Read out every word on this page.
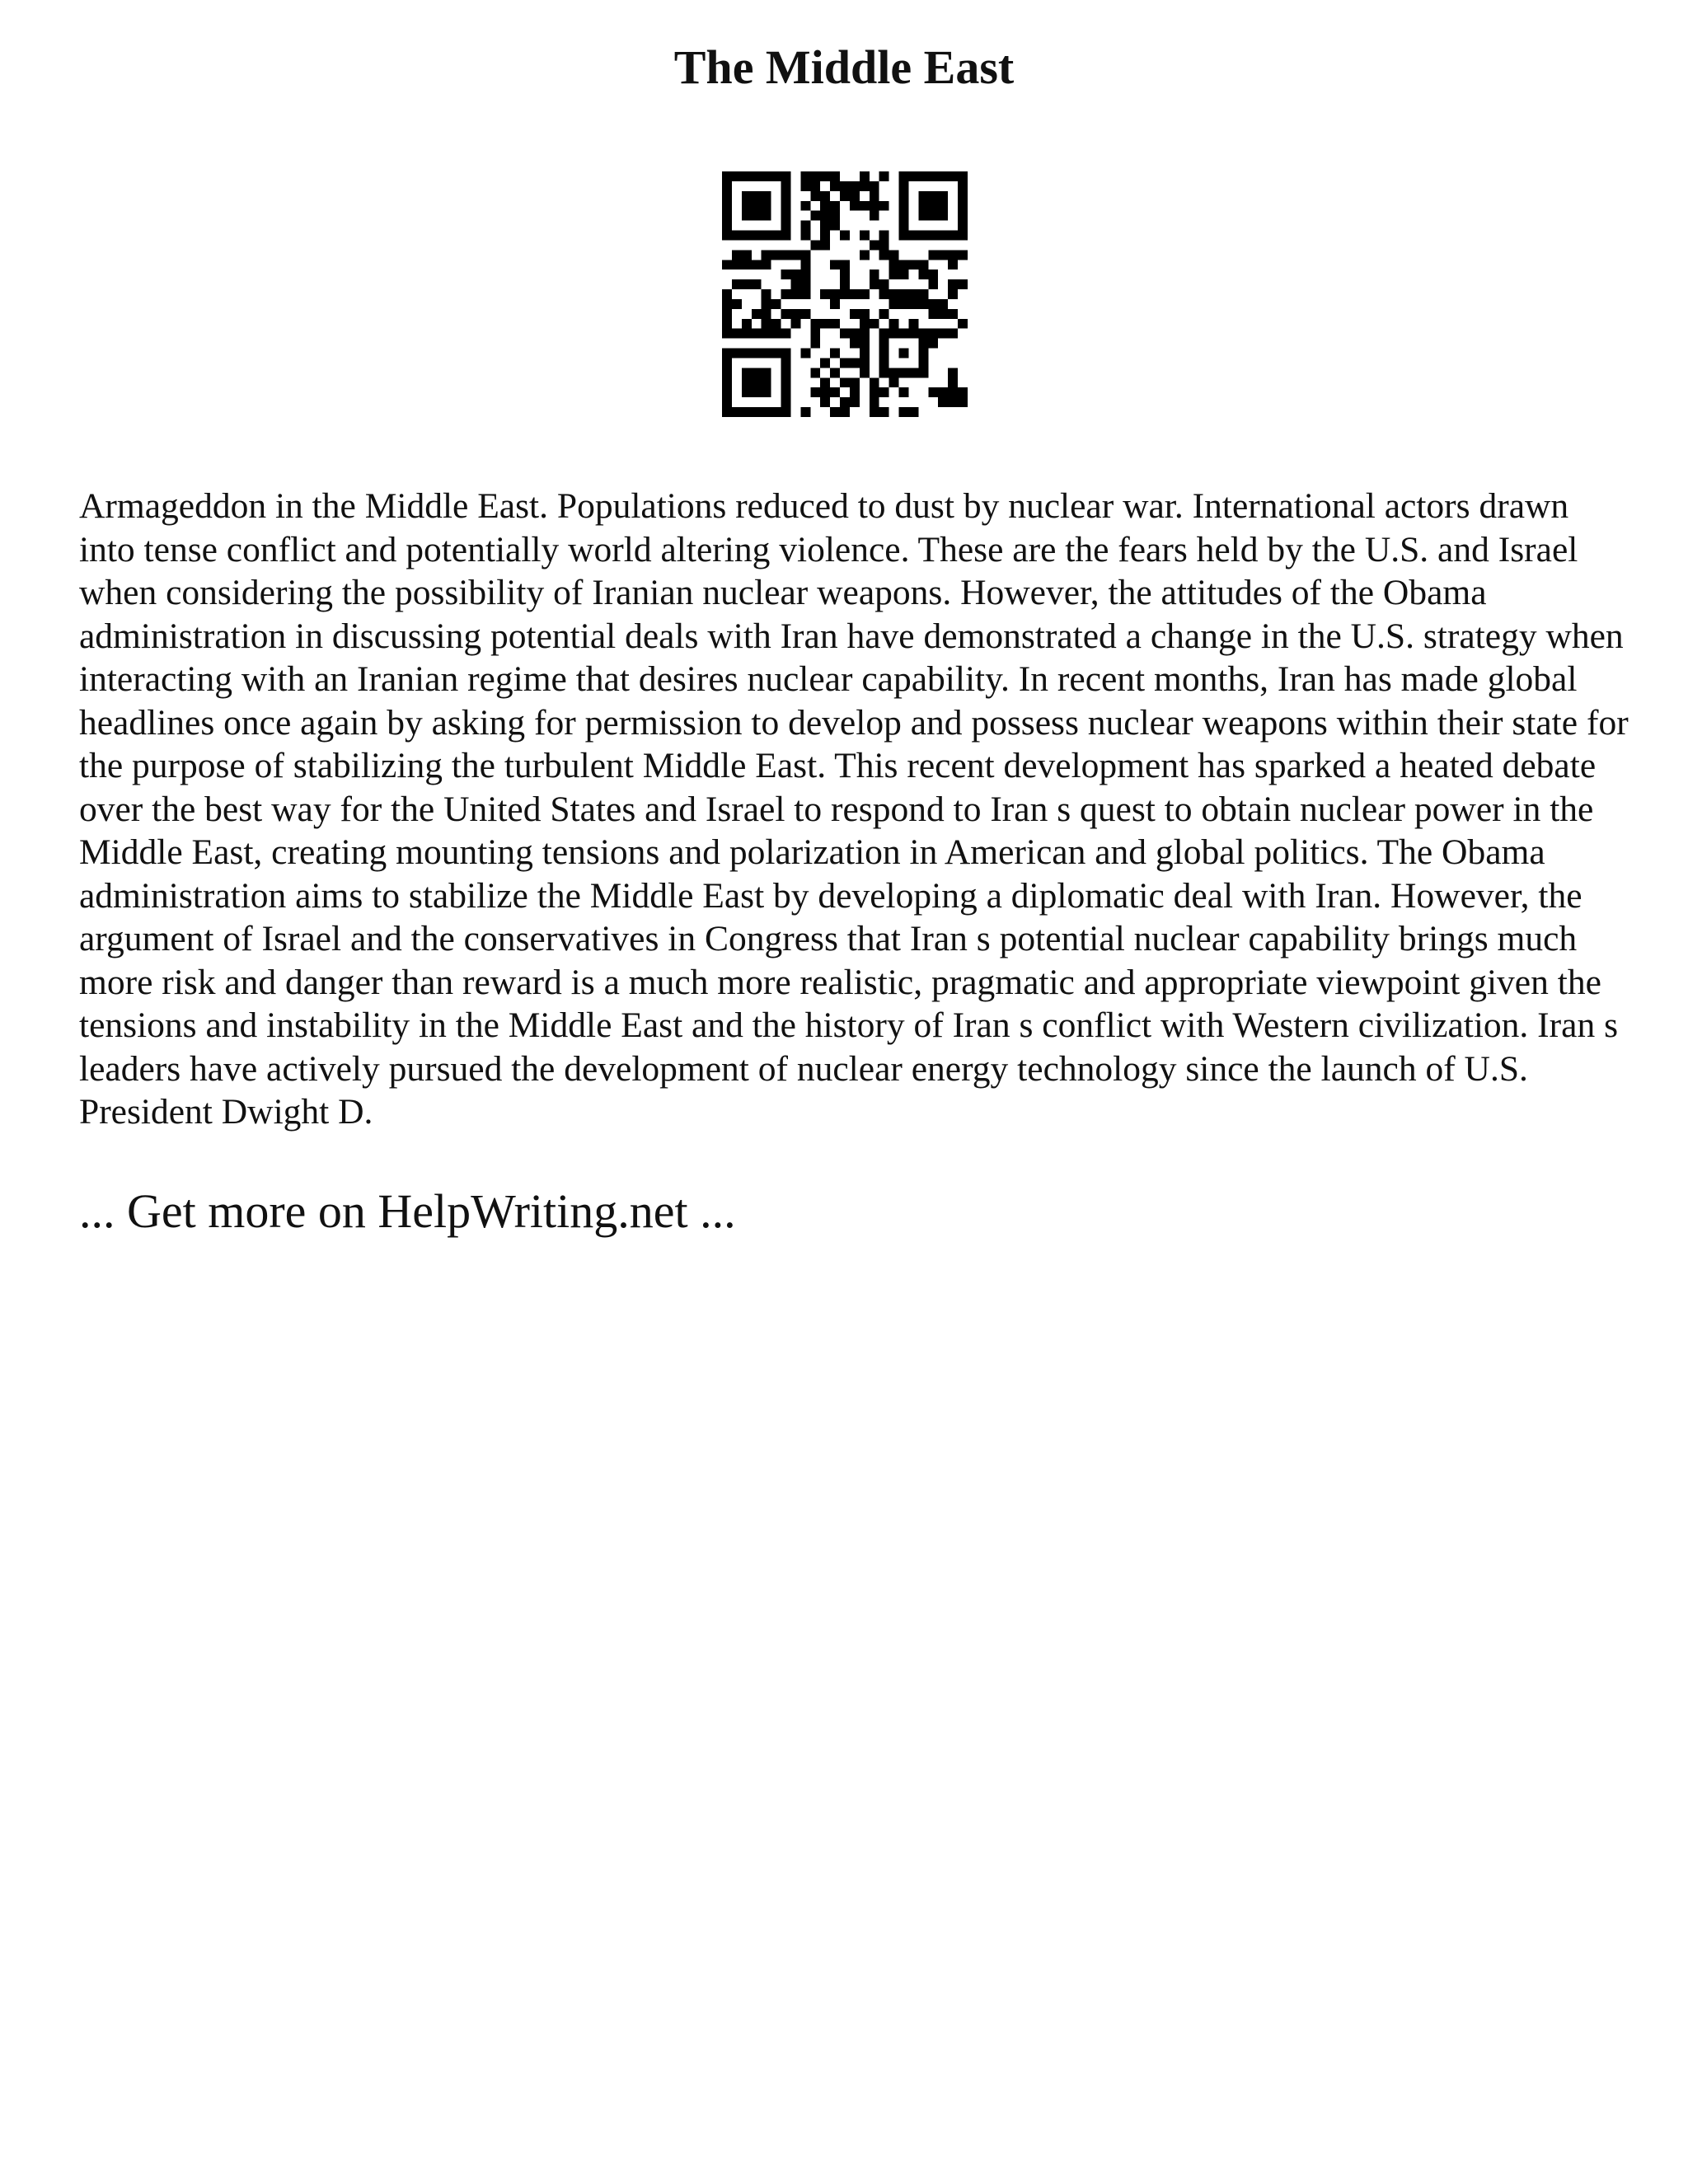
The Middle East

Armageddon in the Middle East. Populations reduced to dust by nuclear war. International actors drawn into tense conflict and potentially world altering violence. These are the fears held by the U.S. and Israel when considering the possibility of Iranian nuclear weapons. However, the attitudes of the Obama administration in discussing potential deals with Iran have demonstrated a change in the U.S. strategy when interacting with an Iranian regime that desires nuclear capability. In recent months, Iran has made global headlines once again by asking for permission to develop and possess nuclear weapons within their state for the purpose of stabilizing the turbulent Middle East. This recent development has sparked a heated debate over the best way for the United States and Israel to respond to Iran s quest to obtain nuclear power in the Middle East, creating mounting tensions and polarization in American and global politics. The Obama administration aims to stabilize the Middle East by developing a diplomatic deal with Iran. However, the argument of Israel and the conservatives in Congress that Iran s potential nuclear capability brings much more risk and danger than reward is a much more realistic, pragmatic and appropriate viewpoint given the tensions and instability in the Middle East and the history of Iran s conflict with Western civilization. Iran s leaders have actively pursued the development of nuclear energy technology since the launch of U.S. President Dwight D.

... Get more on HelpWriting.net ...
